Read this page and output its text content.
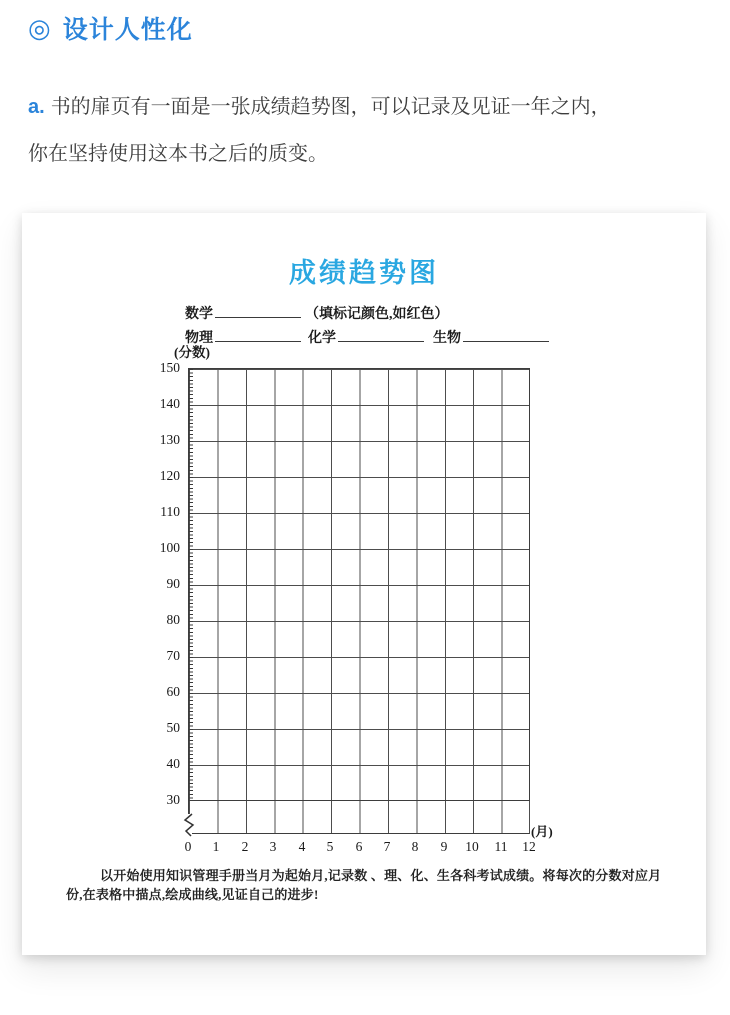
◎ 设计人性化

a. 书的扉页有一面是一张成绩趋势图，可以记录及见证一年之内，
你在坚持使用这本书之后的质变。

成绩趋势图
数学	（填标记颜色,如红色）
物理	化学	生物
(分数)
150
140
130
120
110
100
90
80
70
60
50
40
30
0	1	2	3	4	5	6	7	8	9	10	11	12
(月)
以开始使用知识管理手册当月为起始月,记录数 、理、化、生各科考试成绩。将每次的分数对应月
份,在表格中描点,绘成曲线,见证自己的进步!
